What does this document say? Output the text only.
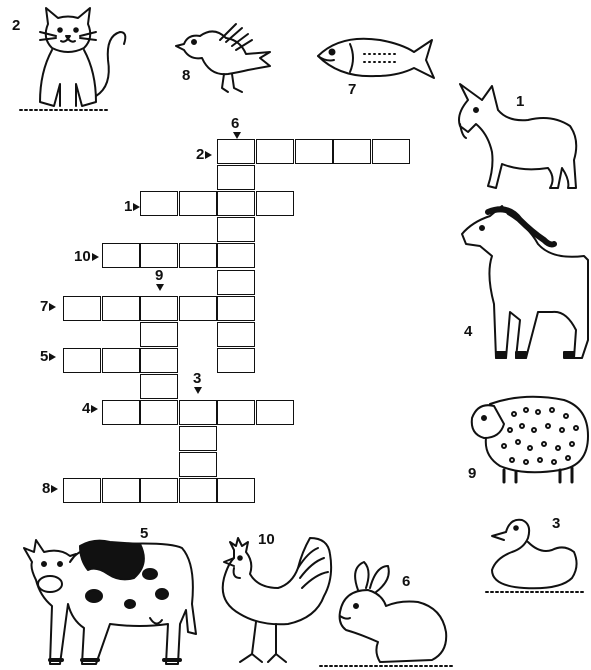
2
1
10
7
5
4
8
6
9
3
2
8
7
1
4
9
3
5	10
6
